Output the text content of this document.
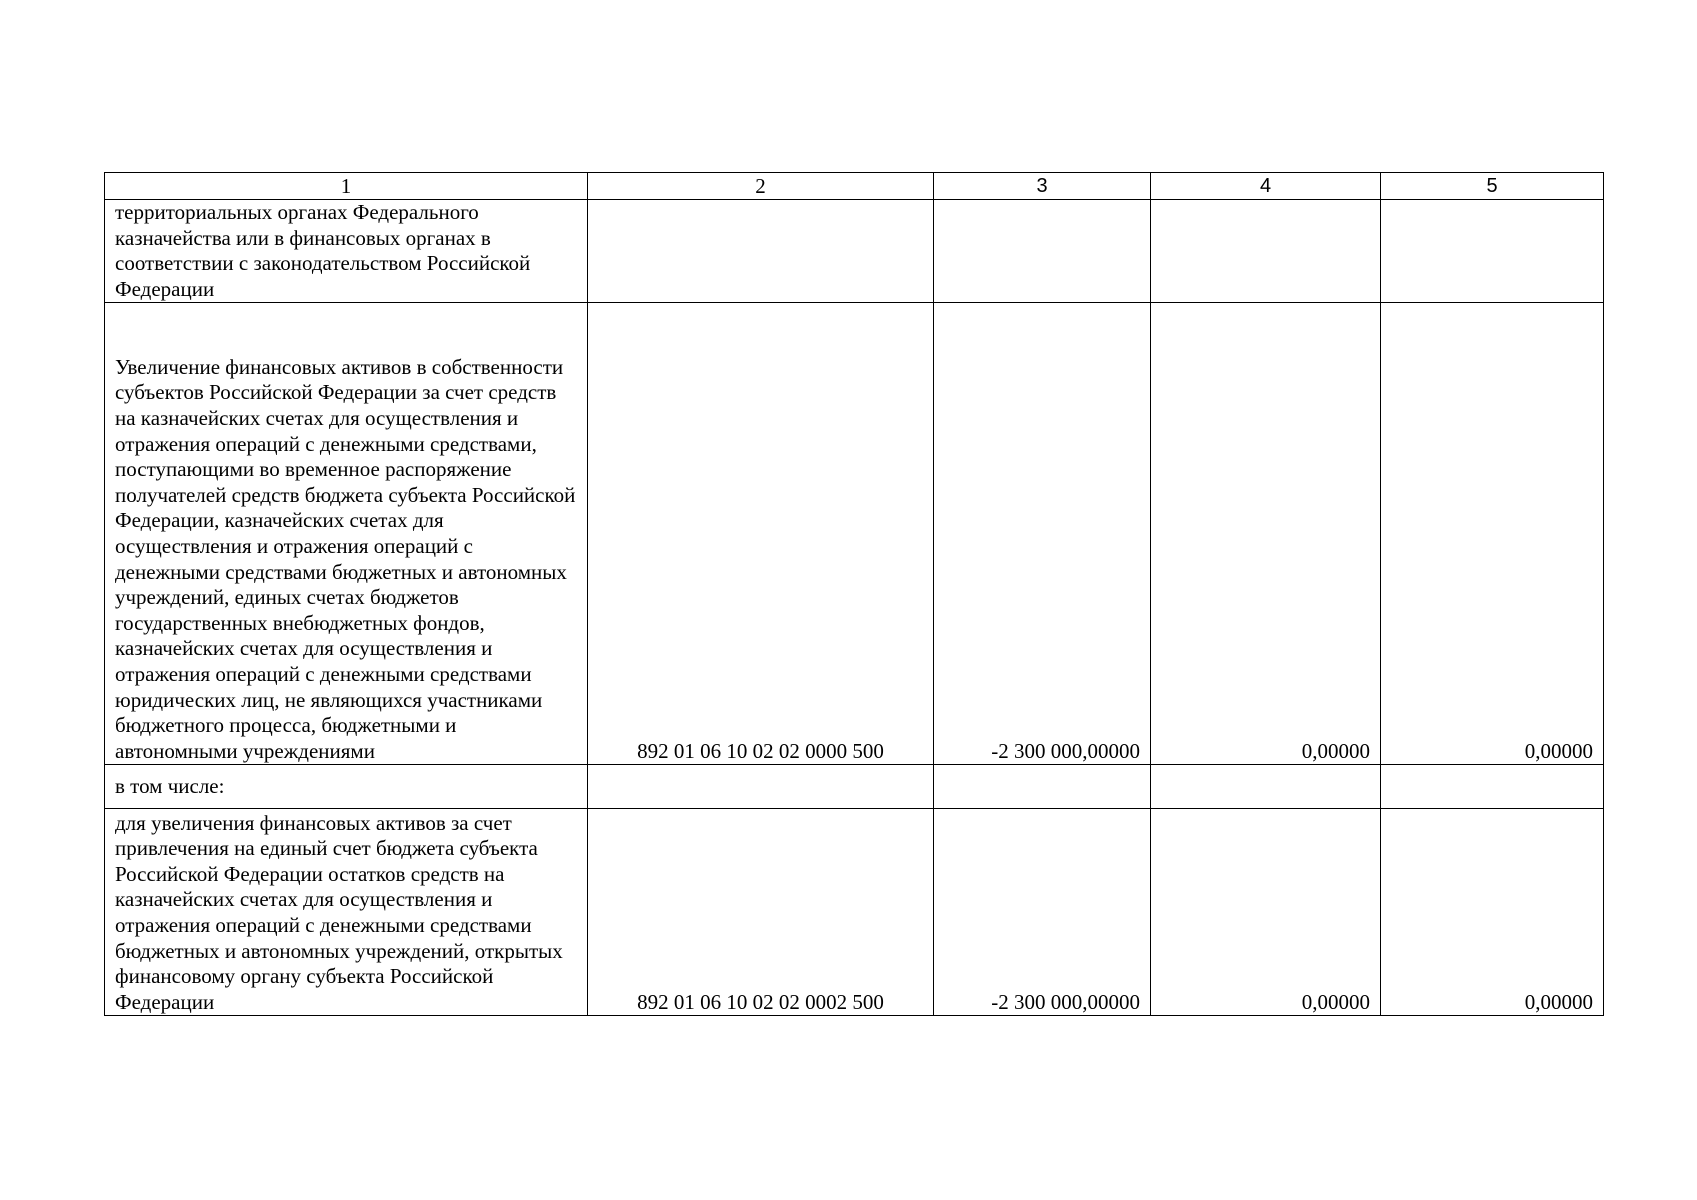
1	2	3	4	5
территориальных органах Федерального казначейства или в финансовых органах в соответствии с законодательством Российской Федерации				
Увеличение финансовых активов в собственности субъектов Российской Федерации за счет средств на казначейских счетах для осуществления и отражения операций с денежными средствами, поступающими во временное распоряжение получателей средств бюджета субъекта Российской Федерации, казначейских счетах для осуществления и отражения операций с денежными средствами бюджетных и автономных учреждений, единых счетах бюджетов государственных внебюджетных фондов, казначейских счетах для осуществления и отражения операций с денежными средствами юридических лиц, не являющихся участниками бюджетного процесса, бюджетными и автономными учреждениями	892 01 06 10 02 02 0000 500	-2 300 000,00000	0,00000	0,00000
в том числе:				
для увеличения финансовых активов за счет привлечения на единый счет бюджета субъекта Российской Федерации остатков средств на казначейских счетах для осуществления и отражения операций с денежными средствами бюджетных и автономных учреждений, открытых финансовому органу субъекта Российской Федерации	892 01 06 10 02 02 0002 500	-2 300 000,00000	0,00000	0,00000
